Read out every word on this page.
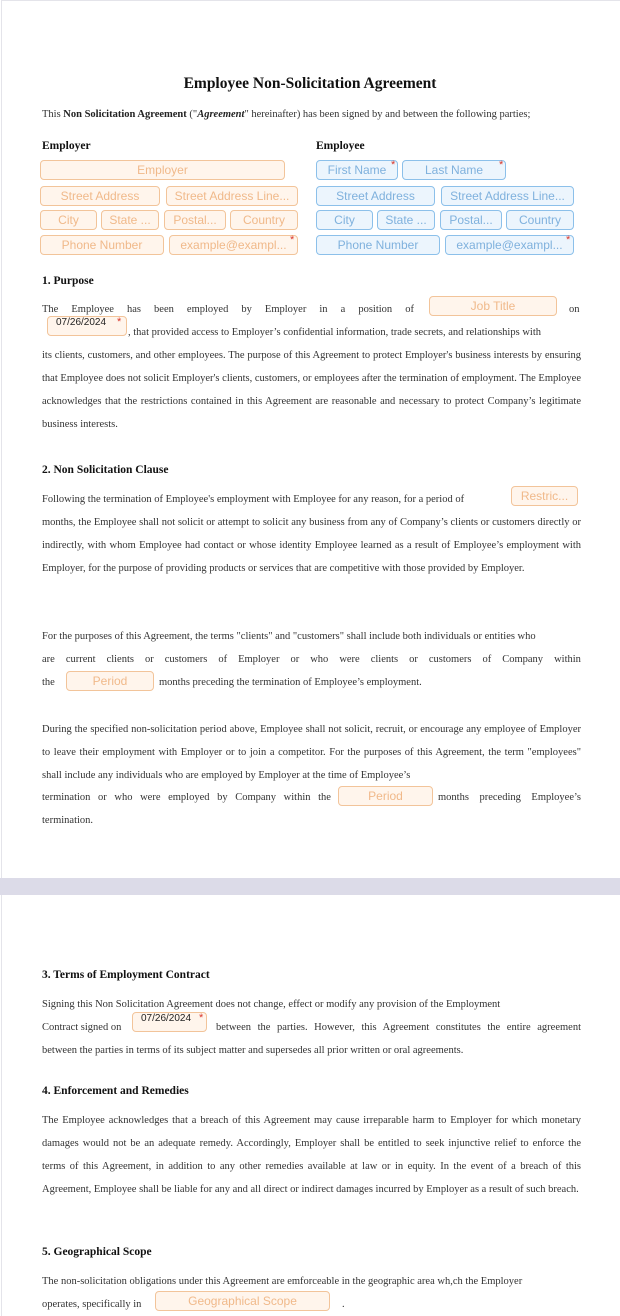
Employee Non-Solicitation Agreement
This Non Solicitation Agreement ("Agreement" hereinafter) has been signed by and between the following parties;
Employer
Employer
Street Address	Street Address Line...
City	State ...	Postal...	Country
Phone Number	example@exampl... *
Employee
First Name *	Last Name	*
Street Address	Street Address Line...
City	State ...	Postal...	Country
Phone Number	example@exampl... *
1. Purpose
The Employee has been employed by Employer in a position of	Job Title	on
07/26/2024 *
, that provided access to Employer’s confidential information, trade secrets, and relationships with
its clients, customers, and other employees. The purpose of this Agreement to protect Employer's business interests by ensuring that Employee does not solicit Employer's clients, customers, or employees after the termination of employment. The Employee acknowledges that the restrictions contained in this Agreement are reasonable and necessary to protect Company’s legitimate business interests.
2. Non Solicitation Clause
Following the termination of Employee's employment with Employee for any reason, for a period of	Restric...
months, the Employee shall not solicit or attempt to solicit any business from any of Company’s clients or customers directly or indirectly, with whom Employee had contact or whose identity Employee learned as a result of Employee’s employment with Employer, for the purpose of providing products or services that are competitive with those provided by Employer.
For the purposes of this Agreement, the terms "clients" and "customers" shall include both individuals or entities who
are current clients or customers of Employer or who were clients or customers of Company within
the	Period	months preceding the termination of Employee’s employment.
During the specified non-solicitation period above, Employee shall not solicit, recruit, or encourage any employee of Employer to leave their employment with Employer or to join a competitor. For the purposes of this Agreement, the term "employees" shall include any individuals who are employed by Employer at the time of Employee’s
termination or who were employed by Company within the	Period	months preceding Employee’s
termination.
3. Terms of Employment Contract
Signing this Non Solicitation Agreement does not change, effect or modify any provision of the Employment
Contract signed on
07/26/2024 *
between the parties. However, this Agreement constitutes the entire agreement
between the parties in terms of its subject matter and supersedes all prior written or oral agreements.
4. Enforcement and Remedies
The Employee acknowledges that a breach of this Agreement may cause irreparable harm to Employer for which monetary damages would not be an adequate remedy. Accordingly, Employer shall be entitled to seek injunctive relief to enforce the terms of this Agreement, in addition to any other remedies available at law or in equity. In the event of a breach of this Agreement, Employee shall be liable for any and all direct or indirect damages incurred by Employer as a result of such breach.
5. Geographical Scope
The non-solicitation obligations under this Agreement are emforceable in the geographic area wh,ch the Employer
operates, specifically in	Geographical Scope	.
